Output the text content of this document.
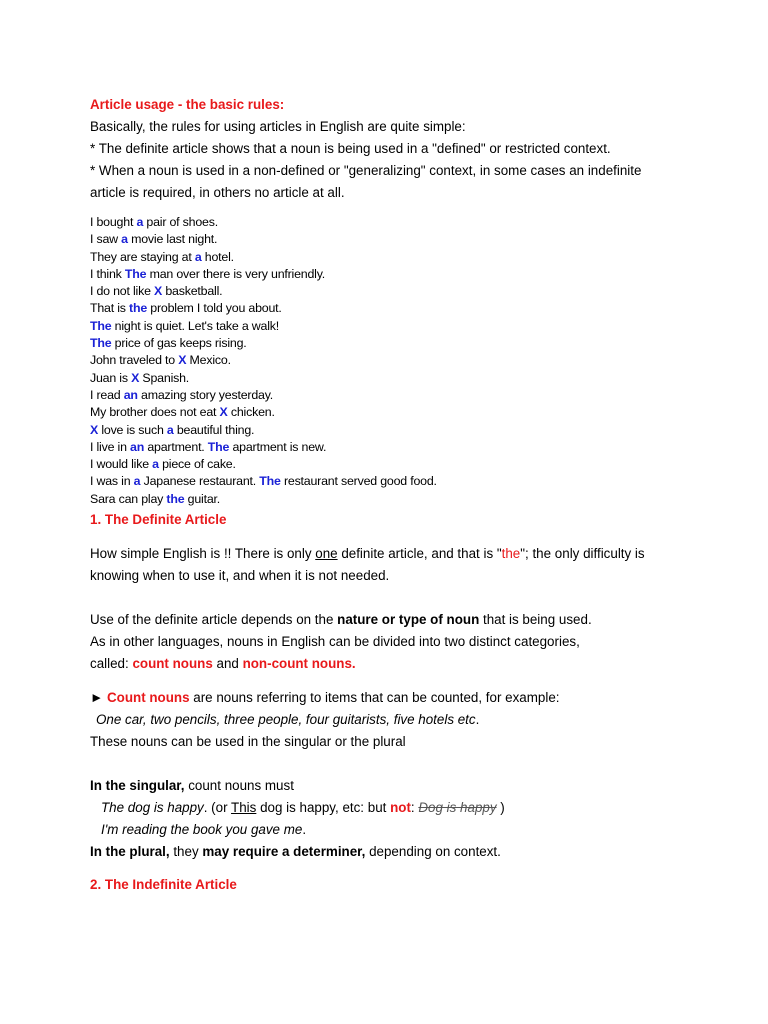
Article usage - the basic rules:

Basically, the rules for using articles in English are quite simple:

* The definite article shows that a noun is being used in a "defined" or restricted context.

* When a noun is used in a non-defined or "generalizing" context, in some cases an indefinite

article is required, in others no article at all.

I bought a pair of shoes.
I saw a movie last night.
They are staying at a hotel.
I think The man over there is very unfriendly.
I do not like X basketball.
That is the problem I told you about.
The night is quiet. Let's take a walk!
The price of gas keeps rising.
John traveled to X Mexico.
Juan is X Spanish.
I read an amazing story yesterday.
My brother does not eat X chicken.
X love is such a beautiful thing.
I live in an apartment. The apartment is new.
I would like a piece of cake.
I was in a Japanese restaurant. The restaurant served good food.
Sara can play the guitar.
1. The Definite Article

How simple English is !! There is only one definite article, and that is "the"; the only difficulty is

knowing when to use it, and when it is not needed.

Use of the definite article depends on the nature or type of noun that is being used.

As in other languages, nouns in English can be divided into two distinct categories,

called: count nouns and non-count nouns.

► Count nouns are nouns referring to items that can be counted, for example:

One car, two pencils, three people, four guitarists, five hotels etc.

These nouns can be used in the singular or the plural

In the singular, count nouns must

The dog is happy. (or This dog is happy, etc: but not: Dog is happy )

I'm reading the book you gave me.

In the plural, they may require a determiner, depending on context.

2. The Indefinite Article
